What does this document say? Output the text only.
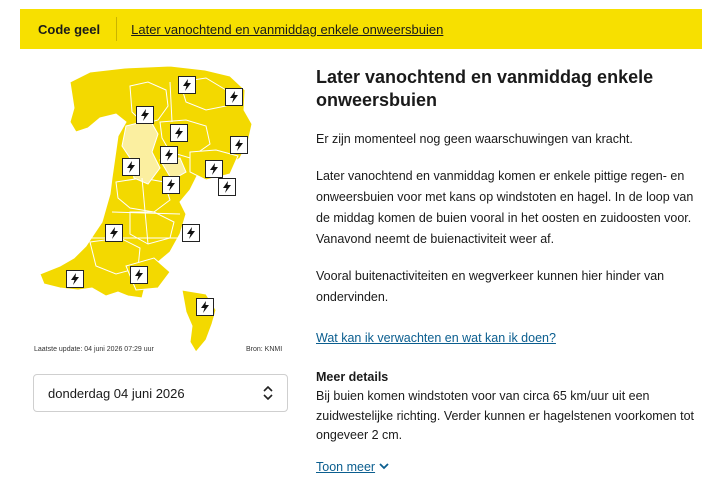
Code geel	Later vanochtend en vanmiddag enkele onweersbuien
Laatste update: 04 juni 2026 07:29 uur	Bron: KNMI
donderdag 04 juni 2026
Later vanochtend en vanmiddag enkele onweersbuien

Er zijn momenteel nog geen waarschuwingen van kracht.

Later vanochtend en vanmiddag komen er enkele pittige regen- en onweersbuien voor met kans op windstoten en hagel. In de loop van de middag komen de buien vooral in het oosten en zuidoosten voor. Vanavond neemt de buienactiviteit weer af.

Vooral buitenactiviteiten en wegverkeer kunnen hier hinder van ondervinden.

Wat kan ik verwachten en wat kan ik doen?
Meer details

Bij buien komen windstoten voor van circa 65 km/uur uit een zuidwestelijke richting. Verder kunnen er hagelstenen voorkomen tot ongeveer 2 cm.

Toon meer
